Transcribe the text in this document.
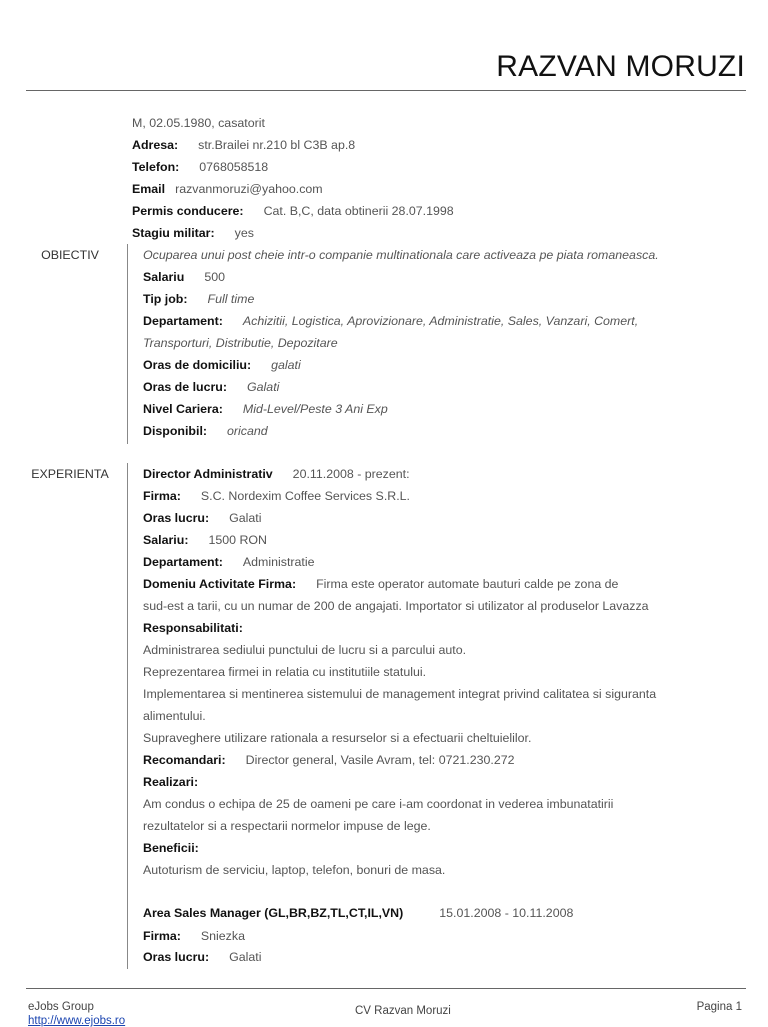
RAZVAN MORUZI
M, 02.05.1980, casatorit
Adresa: str.Brailei nr.210 bl C3B ap.8
Telefon: 0768058518
Email razvanmoruzi@yahoo.com
Permis conducere: Cat. B,C, data obtinerii 28.07.1998
Stagiu militar: yes
OBIECTIV	Ocuparea unui post cheie intr-o companie multinationala care activeaza pe piata romaneasca.
Salariu 500
Tip job: Full time
Departament: Achizitii, Logistica, Aprovizionare, Administratie, Sales, Vanzari, Comert,
Transporturi, Distributie, Depozitare
Oras de domiciliu: galati
Oras de lucru: Galati
Nivel Cariera: Mid-Level/Peste 3 Ani Exp
Disponibil: oricand
EXPERIENTA	Director Administrativ 20.11.2008 - prezent:
Firma: S.C. Nordexim Coffee Services S.R.L.
Oras lucru: Galati
Salariu: 1500 RON
Departament: Administratie
Domeniu Activitate Firma: Firma este operator automate bauturi calde pe zona de
sud-est a tarii, cu un numar de 200 de angajati. Importator si utilizator al produselor Lavazza
Responsabilitati:
Administrarea sediului punctului de lucru si a parcului auto.
Reprezentarea firmei in relatia cu institutiile statului.
Implementarea si mentinerea sistemului de management integrat privind calitatea si siguranta
alimentului.
Supraveghere utilizare rationala a resurselor si a efectuarii cheltuielilor.
Recomandari: Director general, Vasile Avram, tel: 0721.230.272
Realizari:
Am condus o echipa de 25 de oameni pe care i-am coordonat in vederea imbunatatirii
rezultatelor si a respectarii normelor impuse de lege.
Beneficii:
Autoturism de serviciu, laptop, telefon, bonuri de masa.
Area Sales Manager (GL,BR,BZ,TL,CT,IL,VN)	15.01.2008 - 10.11.2008
Firma: Sniezka
Oras lucru: Galati
eJobs Group
http://www.ejobs.ro
CV Razvan Moruzi	Pagina 1
